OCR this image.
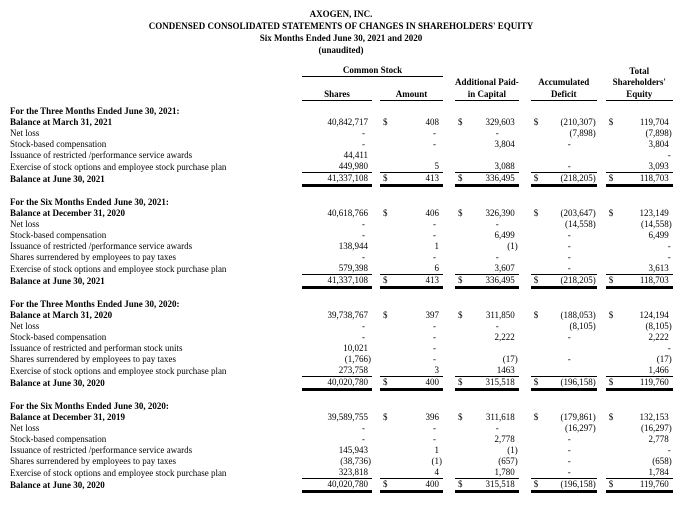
AXOGEN, INC.
CONDENSED CONSOLIDATED STATEMENTS OF CHANGES IN SHAREHOLDERS' EQUITY
Six Months Ended June 30, 2021 and 2020
(unaudited)
	Common Stock								Total
					Additional Paid-		Accumulated		Shareholders'
	Shares		Amount		in Capital		Deficit		Equity

For the Three Months Ended June 30, 2021:									
Balance at March 31, 2021	40,842,717		$ 408		$ 329,603		$ (210,307)		$ 119,704

Net loss	-		-		-		(7,898)		(7,898)

Stock-based compensation	-		-		3,804		-		3,804

Issuance of restricted /performance service awards	44,411								-

Exercise of stock options and employee stock purchase plan	449,980		5		3,088		-		3,093

Balance at June 30, 2021	41,337,108		$ 413		$ 336,495		$ (218,205)		$ 118,703

For the Six Months Ended June 30, 2021:									
Balance at December 31, 2020	40,618,766		$ 406		$ 326,390		$ (203,647)		$ 123,149

Net loss	-		-		-		(14,558)		(14,558)

Stock-based compensation	-		-		6,499		-		6,499

Issuance of restricted /performance service awards	138,944		1		(1)		-		-

Shares surrendered by employees to pay taxes	-		-		-		-		-

Exercise of stock options and employee stock purchase plan	579,398		6		3,607		-		3,613

Balance at June 30, 2021	41,337,108		$ 413		$ 336,495		$ (218,205)		$ 118,703

For the Three Months Ended June 30, 2020:									
Balance at March 31, 2020	39,738,767		$ 397		$ 311,850		$ (188,053)		$ 124,194

Net loss	-		-		-		(8,105)		(8,105)

Stock-based compensation	-		-		2,222		-		2,222

Issuance of restricted and performan stock units	10,021		-						-

Shares surrendered by employees to pay taxes	(1,766)		-		(17)		-		(17)

Exercise of stock options and employee stock purchase plan	273,758		3		1463				1,466

Balance at June 30, 2020	40,020,780		$ 400		$ 315,518		$ (196,158)		$ 119,760

For the Six Months Ended June 30, 2020:									
Balance at December 31, 2019	39,589,755		$ 396		$ 311,618		$ (179,861)		$ 132,153

Net loss	-		-		-		(16,297)		(16,297)

Stock-based compensation	-		-		2,778		-		2,778

Issuance of restricted /performance service awards	145,943		1		(1)		-		-

Shares surrendered by employees to pay taxes	(38,736)		(1)		(657)		-		(658)

Exercise of stock options and employee stock purchase plan	323,818		4		1,780		-		1,784

Balance at June 30, 2020	40,020,780		$ 400		$ 315,518		$ (196,158)		$ 119,760
